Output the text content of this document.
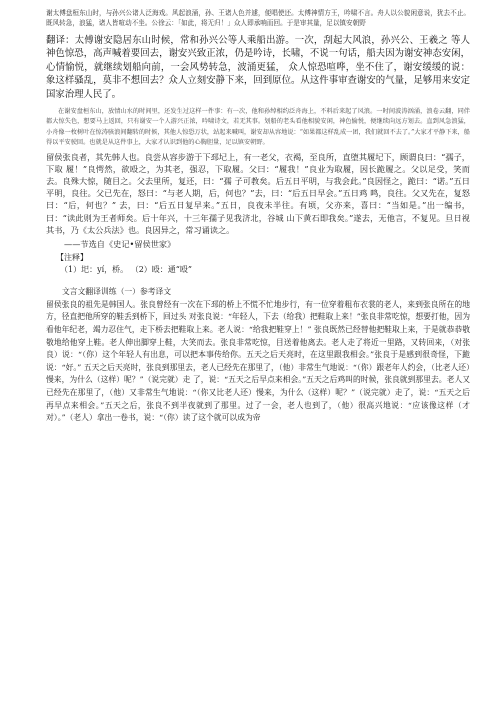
谢太傅盘桓东山时，与孙兴公诸人泛海戏。风起浪涌，孙、王诸人色并遽，便唱使还。太傅神情方王，吟啸不言。舟人以公貌闲意说，犹去不止。既风转急，浪猛，诸人皆喧动不坐。公徐云：「如此，将无归！」众人即承响而回。于是审其量，足以镇安朝野

翻译：太傅谢安隐居东山时候，常和孙兴公等人乘船出游。一次，刮起大风浪，孙兴公、王羲之 等人神色惊恐，高声喊着要回去，谢安兴致正浓，仍是吟诗，长啸，不说一句话，船夫因为谢安神态安闲，心情愉悦，就继续划船向前，一会风势转急，波涌更猛， 众人惊恐喧哗，坐不住了，谢安缓缓的说：象这样骚乱，莫非不想回去？众人立刻安静下来，回到原位。从这件事审查谢安的气量，足够用来安定国家治理人民了。

在谢安盘桓东山，放情山水的时间里，还发生过这样一件事：有一次，他和孙绰相约泛舟海上，不料后来起了风浪。一时间波涛汹涌，浪卷云翻，同伴都大惊失色，想要马上返回，只有谢安一个人游兴正浓，吟啸诗文，若无其事。划船的老头看他相貌安闲，神色愉悦，便继续向远方划去。直到风急浪猛，小舟像一枚树叶在惊涛骇浪间翻转的时候，其他人惊恐万状，站起来喊叫，谢安却从容地说：“如果都这样乱成一团，我们就回不去了。”大家才平静下来，船得以平安驶回。也就是从这件事上，大家才认识到他的心胸胆量，足以镇安朝野。

留侯张良者，其先韩人也。良尝从容步游于下邳圮上，有一老父，衣褐，至良所，直堕其履圮下，顾谓良曰：“孺子，下取 履！”良愕然，欲殴之，为其老，强忍，下取履。父曰：“履我！”良业为取履，因长跪履之。父以足受，笑而去。良殊大惊，随目之。父去里所，复还，曰：“孺 子可教矣。后五日平明，与我会此。”良因怪之，跪曰：“诺。”五日平明，良往。父已先在，怒曰：“与老人期，后，何也？”去，曰：“后五日早会。”五日鸡 鸣，良往。父又先在，复怒曰：“后，何也？” 去，曰：“后五日复早来。”五日，良夜未半往。有顷，父亦来，喜曰：“当如是。”出一编书，曰：“读此则为王者师矣。后十年兴，十三年孺子见我济北，谷城 山下黄石即我矣。”遂去，无他言，不复见。旦日视其书，乃《太公兵法》也。良因异之，常习诵读之。

——节选自《史记•留侯世家》

【注释】

（1）圯：yí，桥。 （2）殴：通“殴”

文言文翻译训练（一）参考译文
留侯张良的祖先是韩国人。张良曾经有一次在下邳的桥上不慌不忙地步行，有一位穿着粗布衣裳的老人，来到张良所在的地方，径直把他所穿的鞋丢到桥下，回过头 对张良说：“年轻人，下去（给我）把鞋取上来！”张良非常吃惊，想要打他，因为看他年纪老，竭力忍住气，走下桥去把鞋取上来。老人说：“给我把鞋穿上！” 张良既然已经替他把鞋取上来，于是就恭恭敬敬地给他穿上鞋。老人伸出脚穿上鞋，大笑而去。张良非常吃惊，目送着他离去。老人走了将近一里路，又转回来，（对张良）说：“（你）这个年轻人有出息，可以把本事传给你。五天之后天亮时，在这里跟我相会。”张良于是感到很奇怪，下跪说：“好。” 五天之后天亮时，张良到那里去，老人已经先在那里了，（他）非常生气地说：“（你）跟老年人约会，（比老人还）慢来，为什么（这样）呢？”（说完就）走 了，说：“五天之后早点来相会。”五天之后鸡叫的时候，张良就到那里去。老人又已经先在那里了，（他）又非常生气地说：“（你又比老人还）慢来，为什么（这样）呢？”（说完就）走了，说：“五天之后再早点来相会。”五天之后，张良不到半夜就到了那里。过了一会，老人也到了，（他）很高兴地说：“应该像这样（才对）。”（老人）拿出一卷书，说：“（你）读了这个就可以成为帝
